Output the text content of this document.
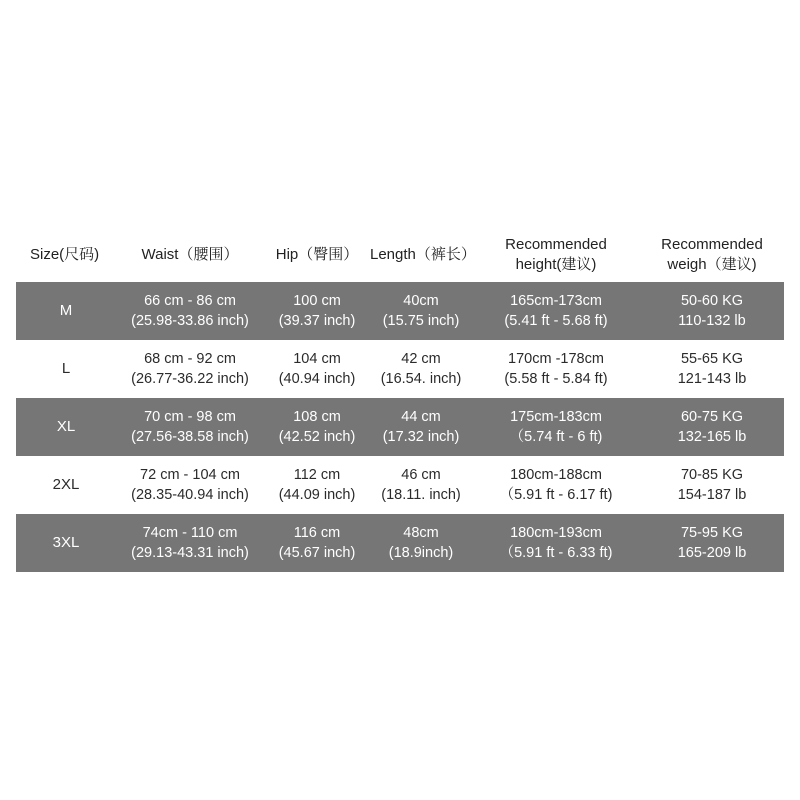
Size(尺码)	Waist（腰围）	Hip（臀围） Length（裤长）
Recommended
height(建议)
Recommended
weigh（建议)
M
66 cm - 86 cm
(25.98-33.86 inch)
100 cm
(39.37 inch)
40cm
(15.75 inch)
165cm-173cm
(5.41 ft - 5.68 ft)
50-60 KG
110-132 lb
L
68 cm - 92 cm
(26.77-36.22 inch)
104 cm
(40.94 inch)
42 cm
(16.54. inch)
170cm -178cm
(5.58 ft - 5.84 ft)
55-65 KG
121-143 lb
XL
70 cm - 98 cm
(27.56-38.58 inch)
108 cm
(42.52 inch)
44 cm
(17.32 inch)
175cm-183cm
（5.74 ft - 6 ft)
60-75 KG
132-165 lb
2XL
72 cm - 104 cm
(28.35-40.94 inch)
112 cm
(44.09 inch)
46 cm
(18.11. inch)
180cm-188cm
（5.91 ft - 6.17 ft)
70-85 KG
154-187 lb
3XL
74cm - 110 cm
(29.13-43.31 inch)
116 cm
(45.67 inch)
48cm
(18.9inch)
180cm-193cm
（5.91 ft - 6.33 ft)
75-95 KG
165-209 lb
